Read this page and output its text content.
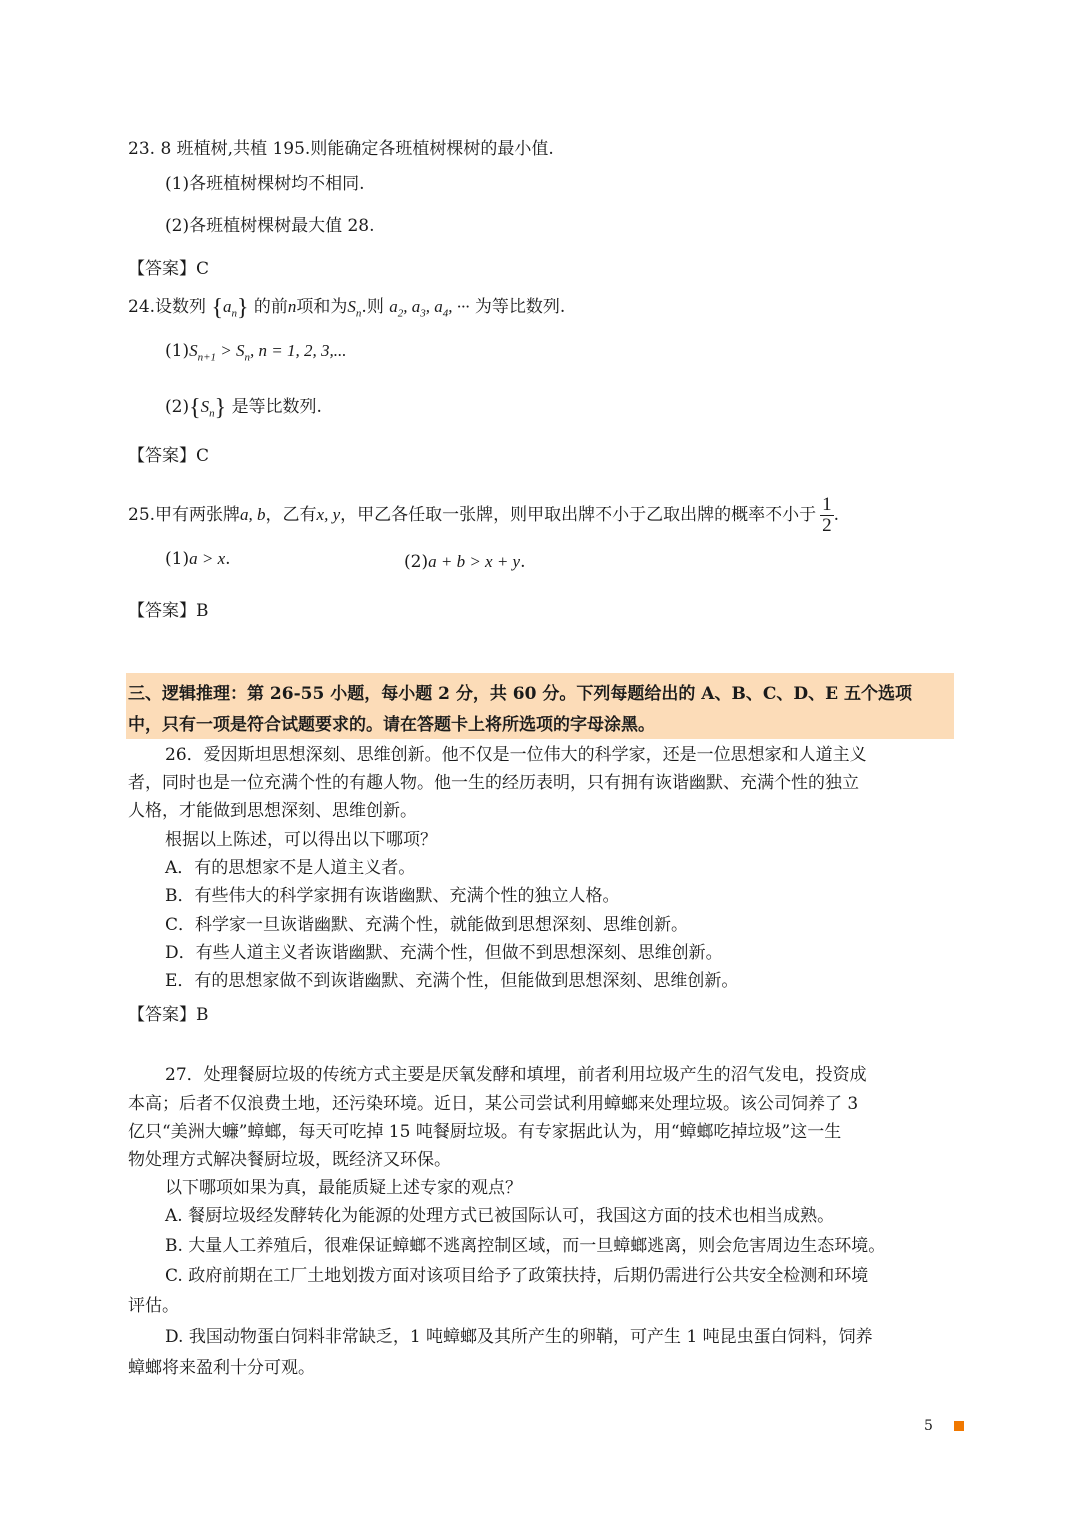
23. 8 班植树,共植 195.则能确定各班植树棵树的最小值.
(1)各班植树棵树均不相同.
(2)各班植树棵树最大值 28.
【答案】C
24.设数列 $\{a_n\}$ 的前n项和为$S_n$.则 $a_2$, $a_3$, $a_4$, ··· 为等比数列.
$(1)S_{n+1} > S_n$, n = 1, 2, 3,...
$(2)\{S_n\}$ 是等比数列.
【答案】C
25.甲有两张牌a, b，乙有x, y，甲乙各任取一张牌，则甲取出牌不小于乙取出牌的概率不小于 $\frac{1}{2}$ .
(1)a > x.	(2)a + b > x + y.
【答案】B
三、逻辑推理：第 26-55 小题，每小题 2 分，共 60 分。下列每题给出的 A、B、C、D、E 五个选项
中，只有一项是符合试题要求的。请在答题卡上将所选项的字母涂黑。
26．爱因斯坦思想深刻、思维创新。他不仅是一位伟大的科学家，还是一位思想家和人道主义
者，同时也是一位充满个性的有趣人物。他一生的经历表明，只有拥有诙谐幽默、充满个性的独立
人格，才能做到思想深刻、思维创新。
根据以上陈述，可以得出以下哪项？
A．有的思想家不是人道主义者。
B．有些伟大的科学家拥有诙谐幽默、充满个性的独立人格。
C．科学家一旦诙谐幽默、充满个性，就能做到思想深刻、思维创新。
D．有些人道主义者诙谐幽默、充满个性，但做不到思想深刻、思维创新。
E．有的思想家做不到诙谐幽默、充满个性，但能做到思想深刻、思维创新。
【答案】B
27．处理餐厨垃圾的传统方式主要是厌氧发酵和填埋，前者利用垃圾产生的沼气发电，投资成
本高；后者不仅浪费土地，还污染环境。近日，某公司尝试利用蟑螂来处理垃圾。该公司饲养了 3
亿只“美洲大蠊”蟑螂，每天可吃掉 15 吨餐厨垃圾。有专家据此认为，用“蟑螂吃掉垃圾”这一生
物处理方式解决餐厨垃圾，既经济又环保。
以下哪项如果为真，最能质疑上述专家的观点？
A. 餐厨垃圾经发酵转化为能源的处理方式已被国际认可，我国这方面的技术也相当成熟。
B. 大量人工养殖后，很难保证蟑螂不逃离控制区域，而一旦蟑螂逃离，则会危害周边生态环境。
C. 政府前期在工厂土地划拨方面对该项目给予了政策扶持，后期仍需进行公共安全检测和环境
评估。
D. 我国动物蛋白饲料非常缺乏，1 吨蟑螂及其所产生的卵鞘，可产生 1 吨昆虫蛋白饲料，饲养
蟑螂将来盈利十分可观。
5
